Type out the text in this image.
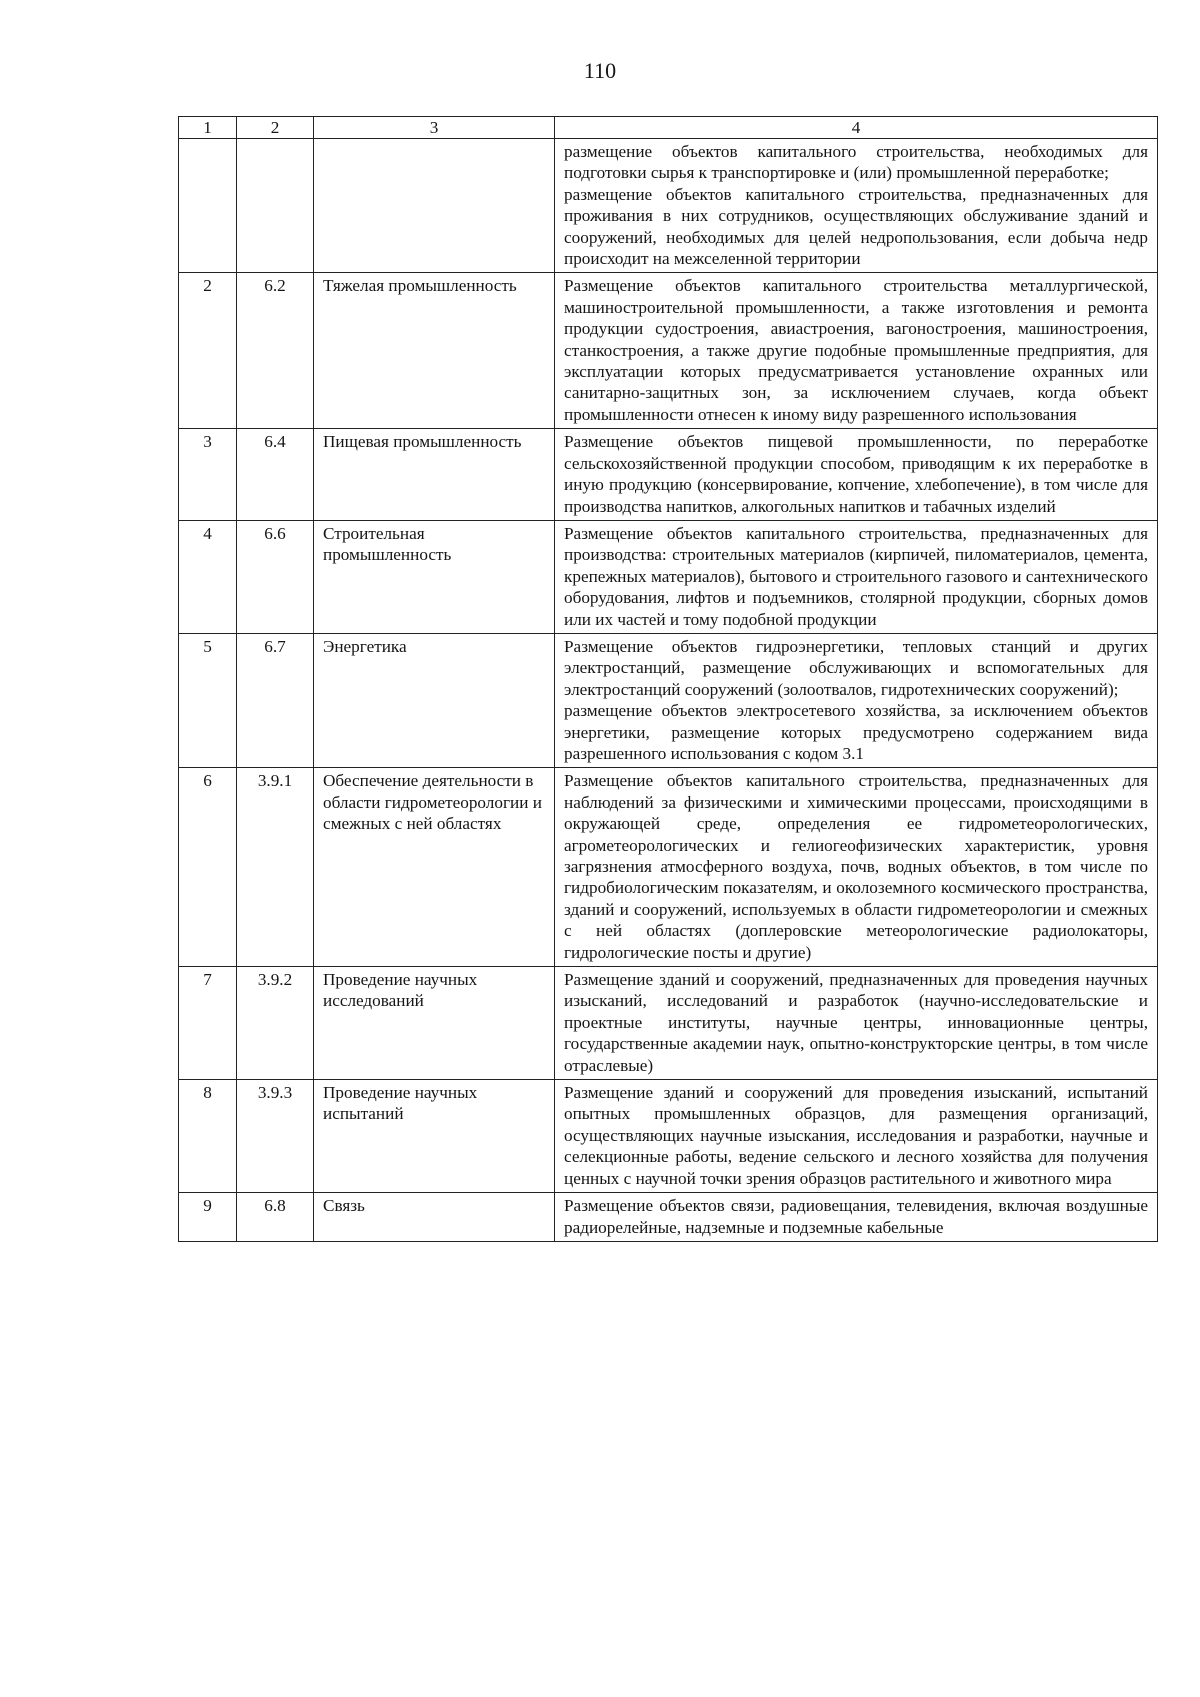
110
1	2	3	4

			размещение объектов капитального строительства, необходимых для подготовки сырья к транспортировке и (или) промышленной переработке;
размещение объектов капитального строительства, предназначенных для проживания в них сотрудников, осуществляющих обслуживание зданий и сооружений, необходимых для целей недропользования, если добыча недр происходит на межселенной территории

2	6.2	Тяжелая промышленность	Размещение объектов капитального строительства металлургической, машиностроительной промышленности, а также изготовления и ремонта продукции судостроения, авиастроения, вагоностроения, машиностроения, станкостроения, а также другие подобные промышленные предприятия, для эксплуатации которых предусматривается установление охранных или санитарно-защитных зон, за исключением случаев, когда объект промышленности отнесен к иному виду разрешенного использования

3	6.4	Пищевая промышленность	Размещение объектов пищевой промышленности, по переработке сельскохозяйственной продукции способом, приводящим к их переработке в иную продукцию (консервирование, копчение, хлебопечение), в том числе для производства напитков, алкогольных напитков и табачных изделий

4	6.6	Строительная промышленность	Размещение объектов капитального строительства, предназначенных для производства: строительных материалов (кирпичей, пиломатериалов, цемента, крепежных материалов), бытового и строительного газового и сантехнического оборудования, лифтов и подъемников, столярной продукции, сборных домов или их частей и тому подобной продукции

5	6.7	Энергетика	Размещение объектов гидроэнергетики, тепловых станций и других электростанций, размещение обслуживающих и вспомогательных для электростанций сооружений (золоотвалов, гидротехнических сооружений);
размещение объектов электросетевого хозяйства, за исключением объектов энергетики, размещение которых предусмотрено содержанием вида разрешенного использования с кодом 3.1

6	3.9.1	Обеспечение деятельности в области гидрометеорологии и смежных с ней областях	Размещение объектов капитального строительства, предназначенных для наблюдений за физическими и химическими процессами, происходящими в окружающей среде, определения ее гидрометеорологических, агрометеорологических и гелиогеофизических характеристик, уровня загрязнения атмосферного воздуха, почв, водных объектов, в том числе по гидробиологическим показателям, и околоземного космического пространства, зданий и сооружений, используемых в области гидрометеорологии и смежных с ней областях (доплеровские метеорологические радиолокаторы, гидрологические посты и другие)

7	3.9.2	Проведение научных исследований	Размещение зданий и сооружений, предназначенных для проведения научных изысканий, исследований и разработок (научно-исследовательские и проектные институты, научные центры, инновационные центры, государственные академии наук, опытно-конструкторские центры, в том числе отраслевые)

8	3.9.3	Проведение научных испытаний	Размещение зданий и сооружений для проведения изысканий, испытаний опытных промышленных образцов, для размещения организаций, осуществляющих научные изыскания, исследования и разработки, научные и селекционные работы, ведение сельского и лесного хозяйства для получения ценных с научной точки зрения образцов растительного и животного мира

9	6.8	Связь	Размещение объектов связи, радиовещания, телевидения, включая воздушные радиорелейные, надземные и подземные кабельные
